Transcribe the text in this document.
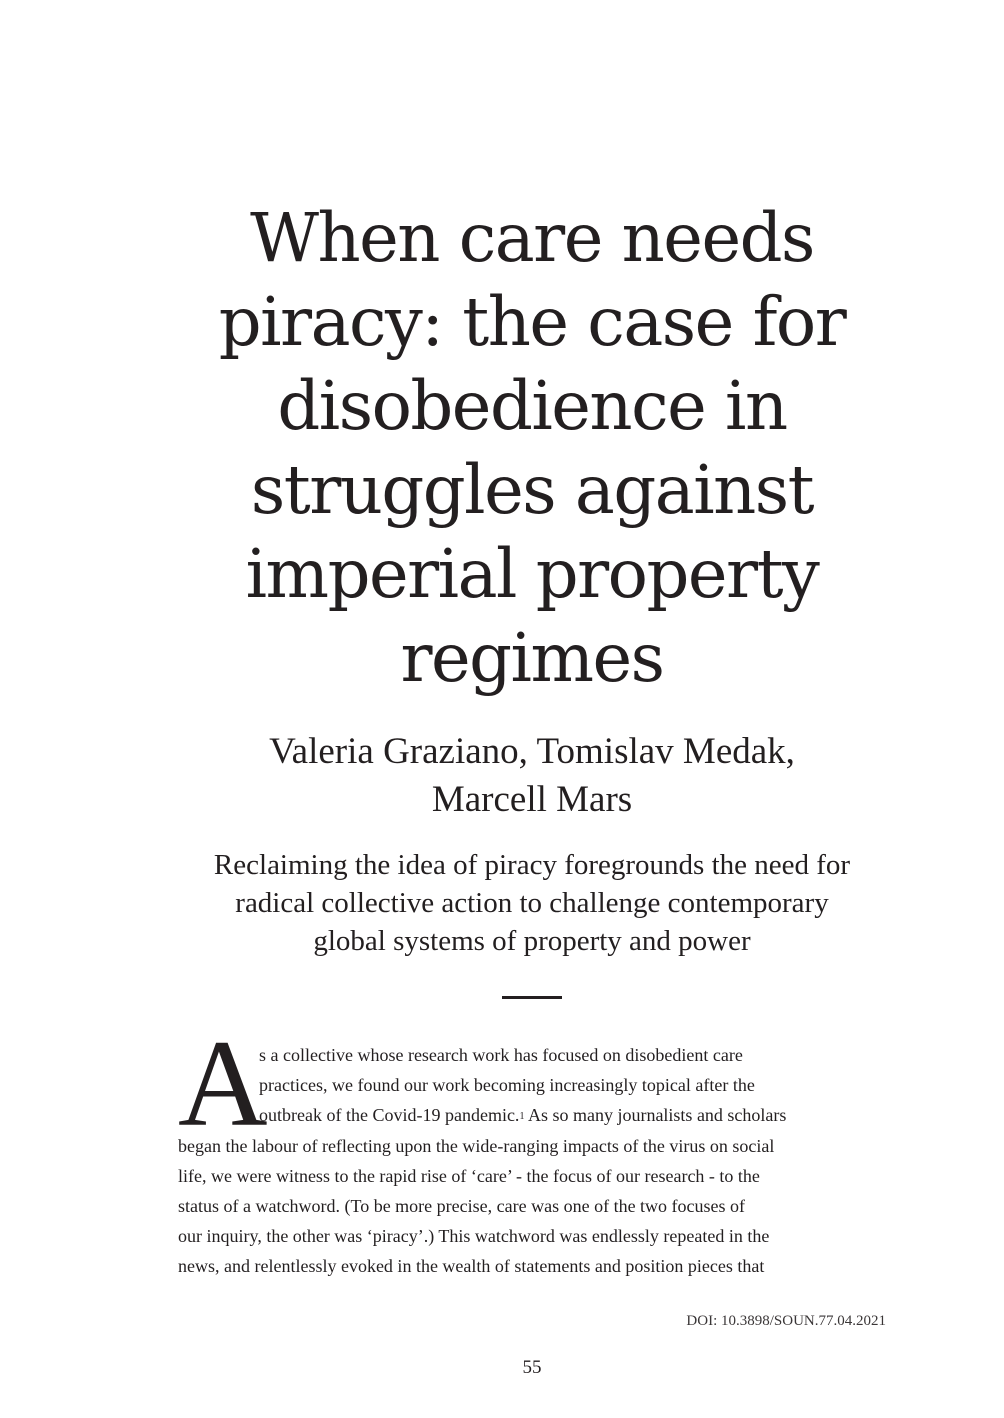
When care needs
piracy: the case for
disobedience in
struggles against
imperial property
regimes
Valeria Graziano, Tomislav Medak,
Marcell Mars

Reclaiming the idea of piracy foregrounds the need for
radical collective action to challenge contemporary
global systems of property and power

A
s a collective whose research work has focused on disobedient care
practices, we found our work becoming increasingly topical after the
outbreak of the Covid-19 pandemic.$^1$ As so many journalists and scholars
began the labour of reflecting upon the wide-ranging impacts of the virus on social
life, we were witness to the rapid rise of ‘care’ - the focus of our research - to the
status of a watchword. (To be more precise, care was one of the two focuses of
our inquiry, the other was ‘piracy’.) This watchword was endlessly repeated in the
news, and relentlessly evoked in the wealth of statements and position pieces that
DOI: 10.3898/SOUN.77.04.2021
55
